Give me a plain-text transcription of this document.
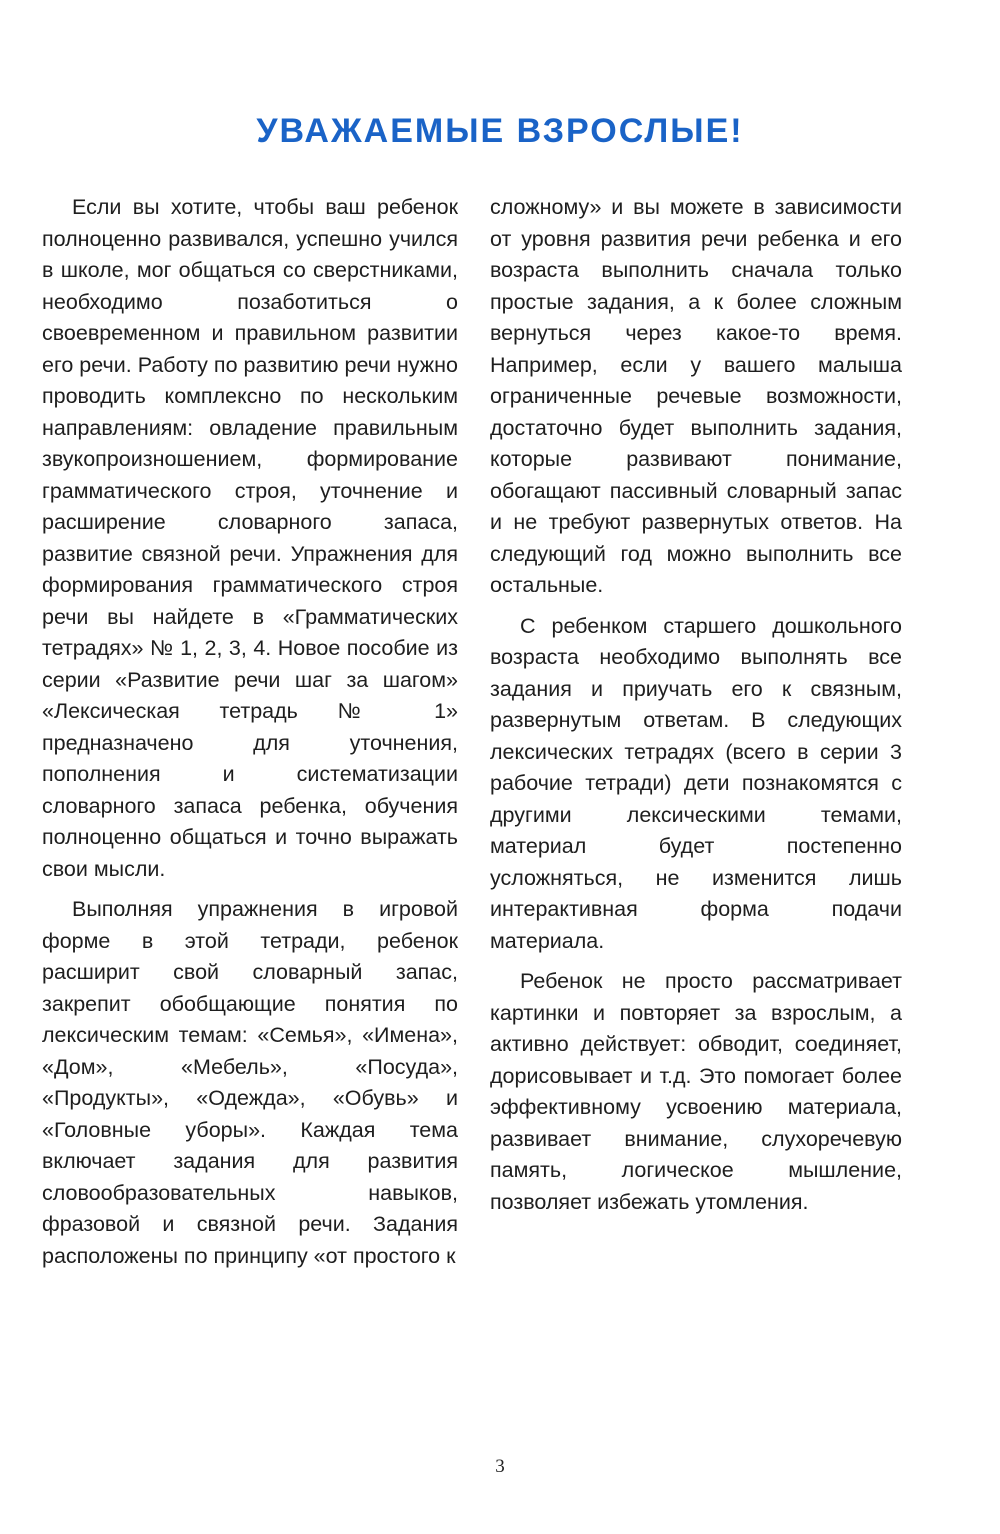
УВАЖАЕМЫЕ ВЗРОСЛЫЕ!

Если вы хотите, чтобы ваш ребенок полноценно развивался, успешно учился в школе, мог общаться со сверстниками, необходимо позаботиться о своевременном и правильном развитии его речи. Работу по развитию речи нужно проводить комплексно по нескольким направлениям: овладение правильным звукопроизношением, формирование грамматического строя, уточнение и расширение словарного запаса, развитие связной речи. Упражнения для формирования грамматического строя речи вы найдете в «Грамматических тетрадях» № 1, 2, 3, 4. Новое пособие из серии «Развитие речи шаг за шагом» «Лексическая тетрадь № 1» предназначено для уточнения, пополнения и систематизации словарного запаса ребенка, обучения полноценно общаться и точно выражать свои мысли.

Выполняя упражнения в игровой форме в этой тетради, ребенок расширит свой словарный запас, закрепит обобщающие понятия по лексическим темам: «Семья», «Имена», «Дом», «Мебель», «Посуда», «Продукты», «Одежда», «Обувь» и «Головные уборы». Каждая тема включает задания для развития словообразовательных навыков, фразовой и связной речи. Задания расположены по принципу «от простого к

сложному» и вы можете в зависимости от уровня развития речи ребенка и его возраста выполнить сначала только простые задания, а к более сложным вернуться через какое-то время. Например, если у вашего малыша ограниченные речевые возможности, достаточно будет выполнить задания, которые развивают понимание, обогащают пассивный словарный запас и не требуют развернутых ответов. На следующий год можно выполнить все остальные.

С ребенком старшего дошкольного возраста необходимо выполнять все задания и приучать его к связным, развернутым ответам. В следующих лексических тетрадях (всего в серии 3 рабочие тетради) дети познакомятся с другими лексическими темами, материал будет постепенно усложняться, не изменится лишь интерактивная форма подачи материала.

Ребенок не просто рассматривает картинки и повторяет за взрослым, а активно действует: обводит, соединяет, дорисовывает и т.д. Это помогает более эффективному усвоению материала, развивает внимание, слухоречевую память, логическое мышление, позволяет избежать утомления.

3
